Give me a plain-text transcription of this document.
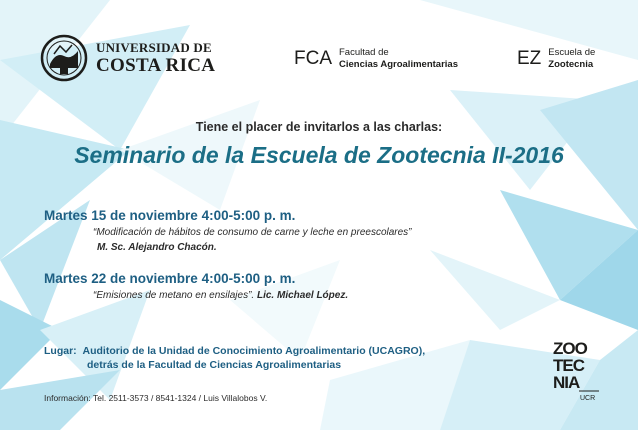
UNIVERSIDAD DE
COSTA RICA	FCA Facultad de
Ciencias Agroalimentarias	EZ Escuela de
Zootecnia
Tiene el placer de invitarlos a las charlas:
Seminario de la Escuela de Zootecnia II-2016
Martes 15 de noviembre 4:00-5:00 p. m.
“Modificación de hábitos de consumo de carne y leche en preescolares”
M. Sc. Alejandro Chacón.
Martes 22 de noviembre 4:00-5:00 p. m.
“Emisiones de metano en ensilajes”. Lic. Michael López.
Lugar: Auditorio de la Unidad de Conocimiento Agroalimentario (UCAGRO),
detrás de la Facultad de Ciencias Agroalimentarias
Información: Tel. 2511-3573 / 8541-1324 / Luis Villalobos V.
ZOO
TEC
NIA
UCR
